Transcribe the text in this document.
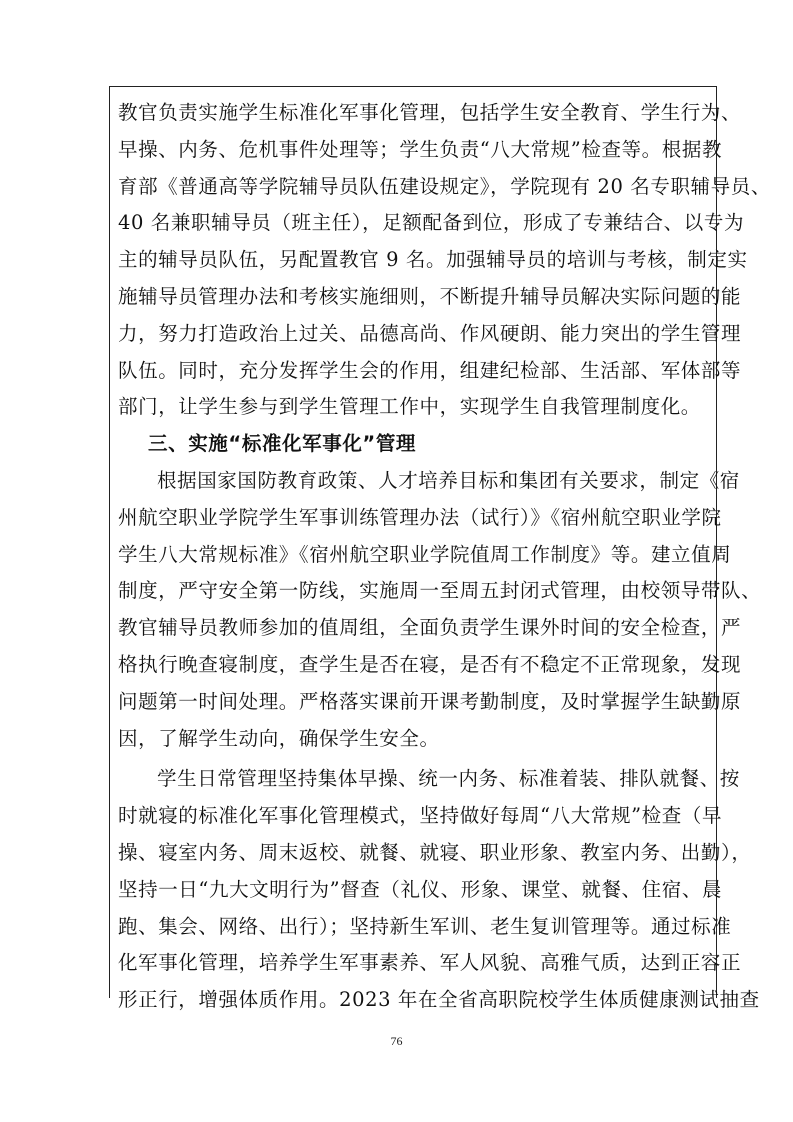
教官负责实施学生标准化军事化管理，包括学生安全教育、学生行为、
早操、内务、危机事件处理等；学生负责“八大常规”检查等。根据教
育部《普通高等学院辅导员队伍建设规定》，学院现有 20 名专职辅导员、
40 名兼职辅导员（班主任），足额配备到位，形成了专兼结合、以专为
主的辅导员队伍，另配置教官 9 名。加强辅导员的培训与考核，制定实
施辅导员管理办法和考核实施细则，不断提升辅导员解决实际问题的能
力，努力打造政治上过关、品德高尚、作风硬朗、能力突出的学生管理
队伍。同时，充分发挥学生会的作用，组建纪检部、生活部、军体部等
部门，让学生参与到学生管理工作中，实现学生自我管理制度化。
三、实施“标准化军事化”管理
根据国家国防教育政策、人才培养目标和集团有关要求，制定《宿
州航空职业学院学生军事训练管理办法（试行）》《宿州航空职业学院
学生八大常规标准》《宿州航空职业学院值周工作制度》等。建立值周
制度，严守安全第一防线，实施周一至周五封闭式管理，由校领导带队、
教官辅导员教师参加的值周组，全面负责学生课外时间的安全检查，严
格执行晚查寝制度，查学生是否在寝，是否有不稳定不正常现象，发现
问题第一时间处理。严格落实课前开课考勤制度，及时掌握学生缺勤原
因，了解学生动向，确保学生安全。
学生日常管理坚持集体早操、统一内务、标准着装、排队就餐、按
时就寝的标准化军事化管理模式，坚持做好每周“八大常规”检查（早
操、寝室内务、周末返校、就餐、就寝、职业形象、教室内务、出勤），
坚持一日“九大文明行为”督查（礼仪、形象、课堂、就餐、住宿、晨
跑、集会、网络、出行）；坚持新生军训、老生复训管理等。通过标准
化军事化管理，培养学生军事素养、军人风貌、高雅气质，达到正容正
形正行，增强体质作用。2023 年在全省高职院校学生体质健康测试抽查
76
